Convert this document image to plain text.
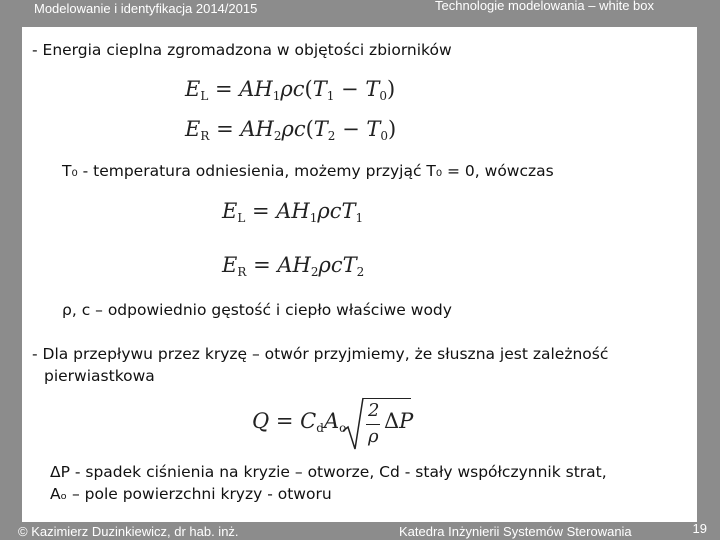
Modelowanie i identyfikacja 2014/2015	Technologie modelowania – white box
- Energia cieplna zgromadzona w objętości zbiorników
$E_L = AH_1\rho c(T_1 - T_0)$
$E_R = AH_2\rho c(T_2 - T_0)$
T₀ - temperatura odniesienia, możemy przyjąć T₀ = 0, wówczas
$E_L = AH_1\rho cT_1$
$E_R = AH_2\rho cT_2$
ρ, c – odpowiednio gęstość i ciepło właściwe wody
- Dla przepływu przez kryzę – otwór przyjmiemy, że słuszna jest zależność
pierwiastkowa
$Q = C_dA_o$
2
ρ
ΔP
ΔP - spadek ciśnienia na kryzie – otworze, Cd - stały współczynnik strat,
Aₒ – pole powierzchni kryzy - otworu
© Kazimierz Duzinkiewicz, dr hab. inż.	Katedra Inżynierii Systemów Sterowania	19
